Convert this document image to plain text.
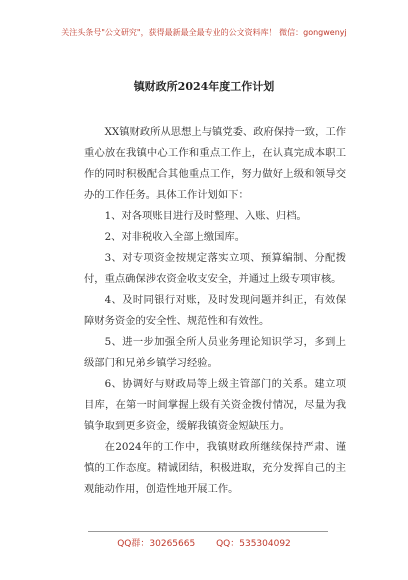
关注头条号"公文研究"，获得最新最全最专业的公文资料库！ 微信：gongwenyj
镇财政所2024年度工作计划

XX镇财政所从思想上与镇党委、政府保持一致，工作重心放在我镇中心工作和重点工作上，在认真完成本职工作的同时积极配合其他重点工作，努力做好上级和领导交办的工作任务。具体工作计划如下：

1、对各项账目进行及时整理、入账、归档。

2、对非税收入全部上缴国库。

3、对专项资金按规定落实立项、预算编制、分配拨付，重点确保涉农资金收支安全，并通过上级专项审核。

4、及时同银行对账，及时发现问题并纠正，有效保障财务资金的安全性、规范性和有效性。

5、进一步加强全所人员业务理论知识学习，多到上级部门和兄弟乡镇学习经验。

6、协调好与财政局等上级主管部门的关系。建立项目库，在第一时间掌握上级有关资金拨付情况，尽量为我镇争取到更多资金，缓解我镇资金短缺压力。

在2024年的工作中，我镇财政所继续保持严肃、谨慎的工作态度。精诚团结，积极进取，充分发挥自己的主观能动作用，创造性地开展工作。

QQ群：30265665 QQ：535304092
